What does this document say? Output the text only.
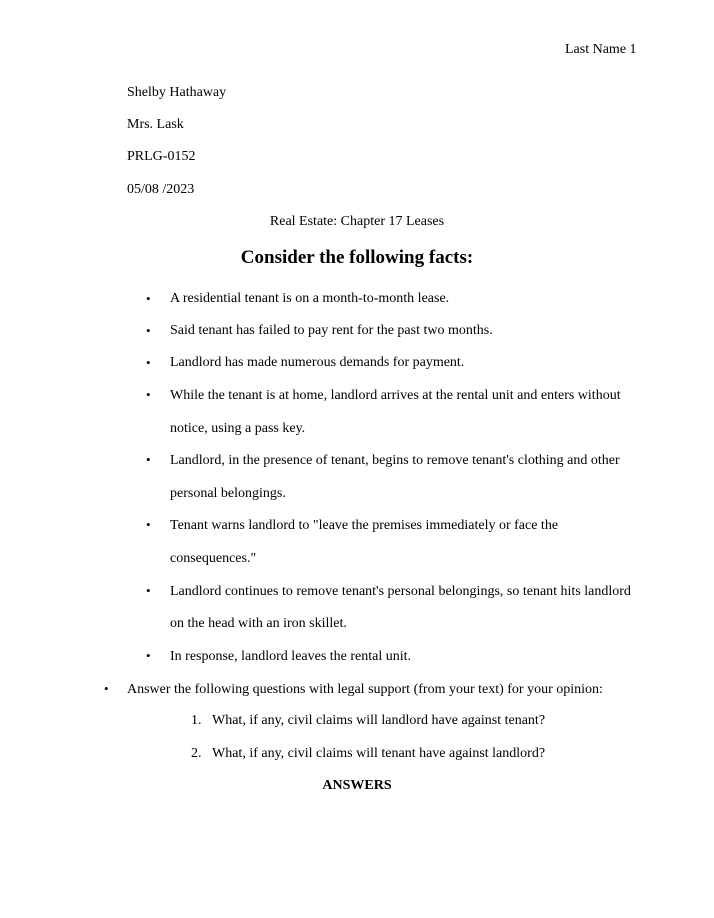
Last Name 1
Shelby Hathaway
Mrs. Lask
PRLG-0152
05/08 /2023
Real Estate: Chapter 17 Leases
Consider the following facts:
• A residential tenant is on a month-to-month lease.
• Said tenant has failed to pay rent for the past two months.
• Landlord has made numerous demands for payment.
• While the tenant is at home, landlord arrives at the rental unit and enters without
notice, using a pass key.
• Landlord, in the presence of tenant, begins to remove tenant's clothing and other
personal belongings.
• Tenant warns landlord to "leave the premises immediately or face the
consequences."
• Landlord continues to remove tenant's personal belongings, so tenant hits landlord
on the head with an iron skillet.
• In response, landlord leaves the rental unit.
• Answer the following questions with legal support (from your text) for your opinion:
1. What, if any, civil claims will landlord have against tenant?
2. What, if any, civil claims will tenant have against landlord?
ANSWERS
